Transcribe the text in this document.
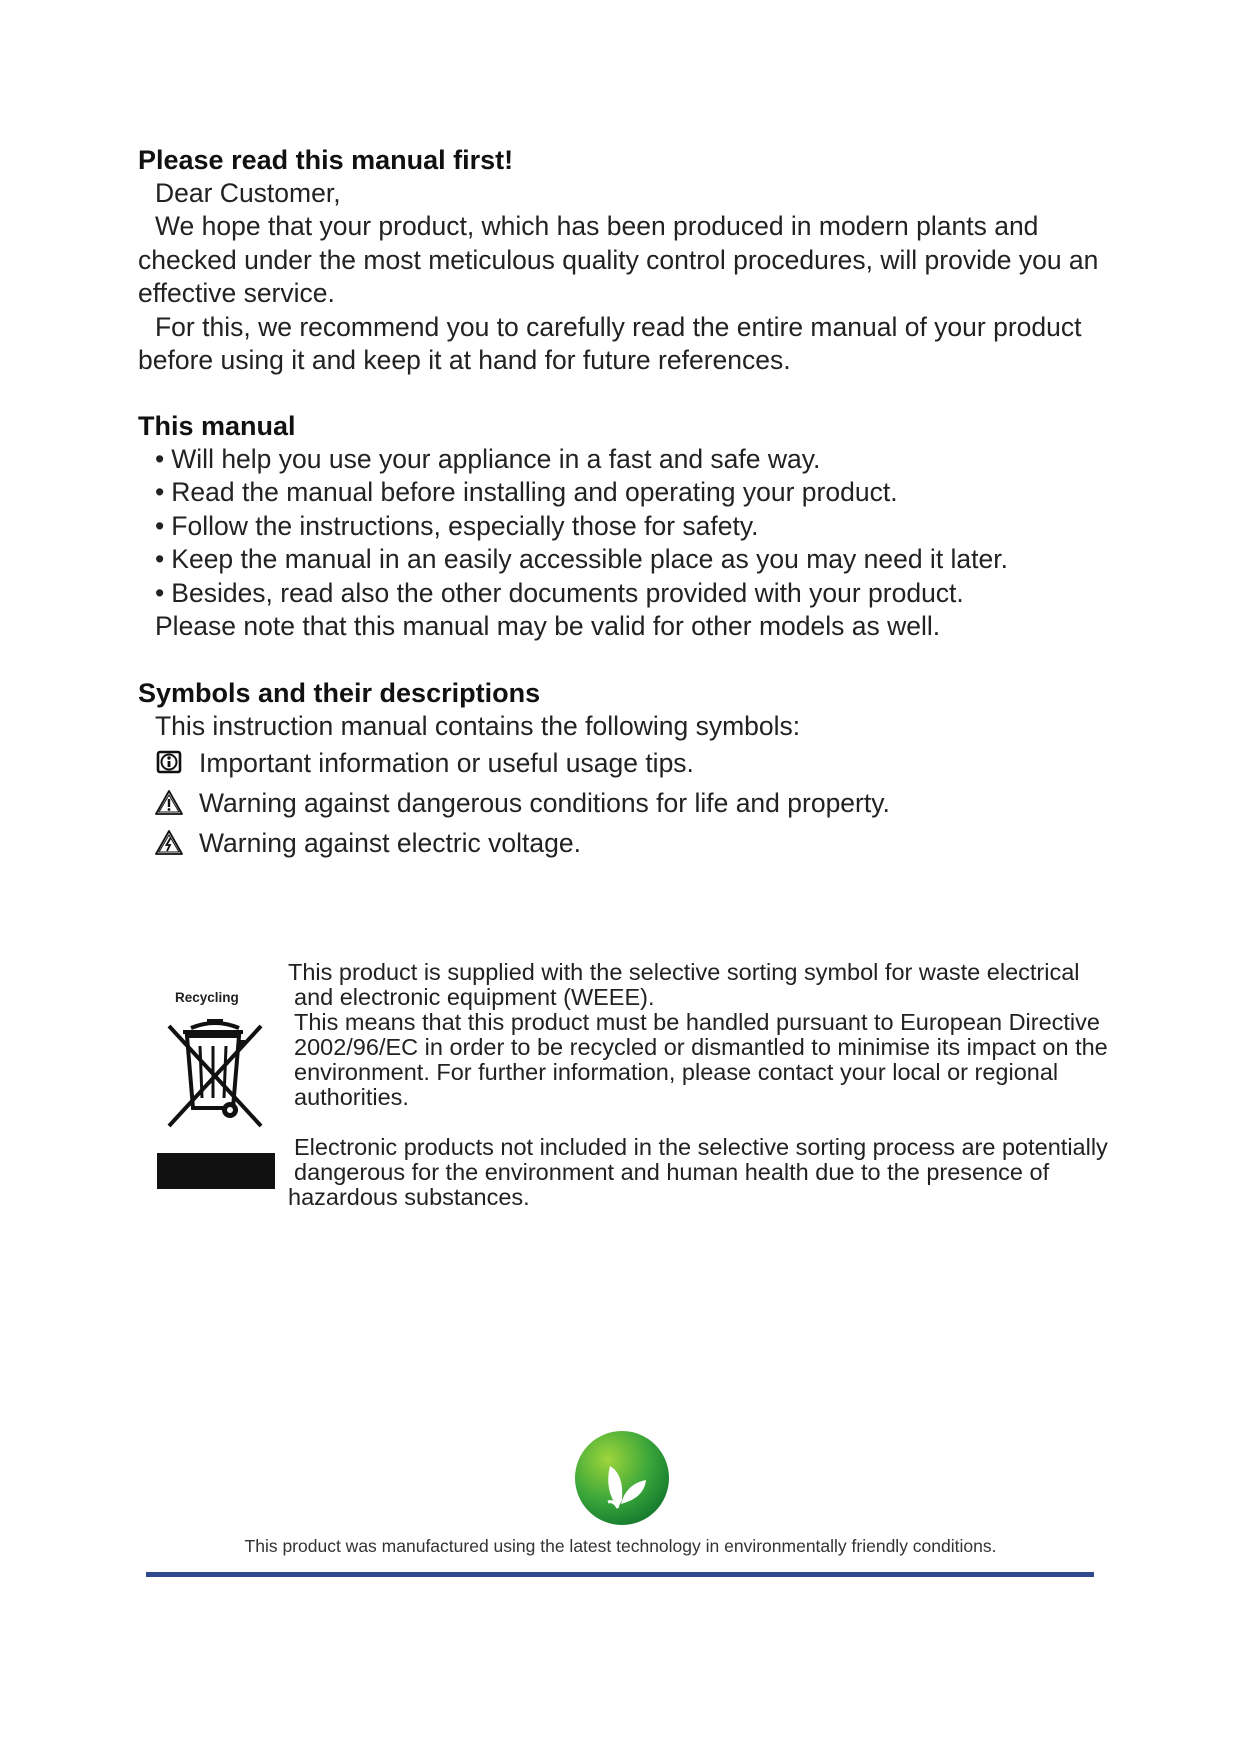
Please read this manual first!

Dear Customer,

We hope that your product, which has been produced in modern plants and checked under the most meticulous quality control procedures, will provide you an effective service.

For this, we recommend you to carefully read the entire manual of your product before using it and keep it at hand for future references.

This manual
• Will help you use your appliance in a fast and safe way.
• Read the manual before installing and operating your product.
• Follow the instructions, especially those for safety.
• Keep the manual in an easily accessible place as you may need it later.
• Besides, read also the other documents provided with your product.

Please note that this manual may be valid for other models as well.

Symbols and their descriptions

This instruction manual contains the following symbols:

Important information or useful usage tips.
Warning against dangerous conditions for life and property.
Warning against electric voltage.
Recycling

This product is supplied with the selective sorting symbol for waste electrical

and electronic equipment (WEEE).

This means that this product must be handled pursuant to European Directive 2002/96/EC in order to be recycled or dismantled to minimise its impact on the environment. For further information, please contact your local or regional authorities.

Electronic products not included in the selective sorting process are potentially

dangerous for the environment and human health due to the presence of

hazardous substances.

This product was manufactured using the latest technology in environmentally friendly conditions.
